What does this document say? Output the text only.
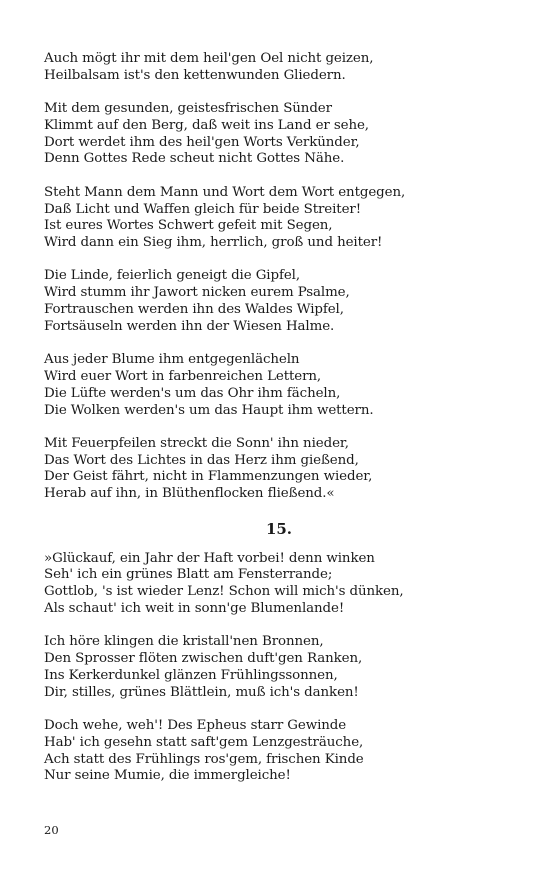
Auch mögt ihr mit dem heil'gen Oel nicht geizen,
Heilbalsam ist's den kettenwunden Gliedern.
Mit dem gesunden, geistesfrischen Sünder
Klimmt auf den Berg, daß weit ins Land er sehe,
Dort werdet ihm des heil'gen Worts Verkünder,
Denn Gottes Rede scheut nicht Gottes Nähe.
Steht Mann dem Mann und Wort dem Wort entgegen,
Daß Licht und Waffen gleich für beide Streiter!
Ist eures Wortes Schwert gefeit mit Segen,
Wird dann ein Sieg ihm, herrlich, groß und heiter!
Die Linde, feierlich geneigt die Gipfel,
Wird stumm ihr Jawort nicken eurem Psalme,
Fortrauschen werden ihn des Waldes Wipfel,
Fortsäuseln werden ihn der Wiesen Halme.
Aus jeder Blume ihm entgegenlächeln
Wird euer Wort in farbenreichen Lettern,
Die Lüfte werden's um das Ohr ihm fächeln,
Die Wolken werden's um das Haupt ihm wettern.
Mit Feuerpfeilen streckt die Sonn' ihn nieder,
Das Wort des Lichtes in das Herz ihm gießend,
Der Geist fährt, nicht in Flammenzungen wieder,
Herab auf ihn, in Blüthenflocken fließend.«
15.
»Glückauf, ein Jahr der Haft vorbei! denn winken
Seh' ich ein grünes Blatt am Fensterrande;
Gottlob, 's ist wieder Lenz! Schon will mich's dünken,
Als schaut' ich weit in sonn'ge Blumenlande!
Ich höre klingen die kristall'nen Bronnen,
Den Sprosser flöten zwischen duft'gen Ranken,
Ins Kerkerdunkel glänzen Frühlingssonnen,
Dir, stilles, grünes Blättlein, muß ich's danken!
Doch wehe, weh'! Des Epheus starr Gewinde
Hab' ich gesehn statt saft'gem Lenzgesträuche,
Ach statt des Frühlings ros'gem, frischen Kinde
Nur seine Mumie, die immergleiche!
20
